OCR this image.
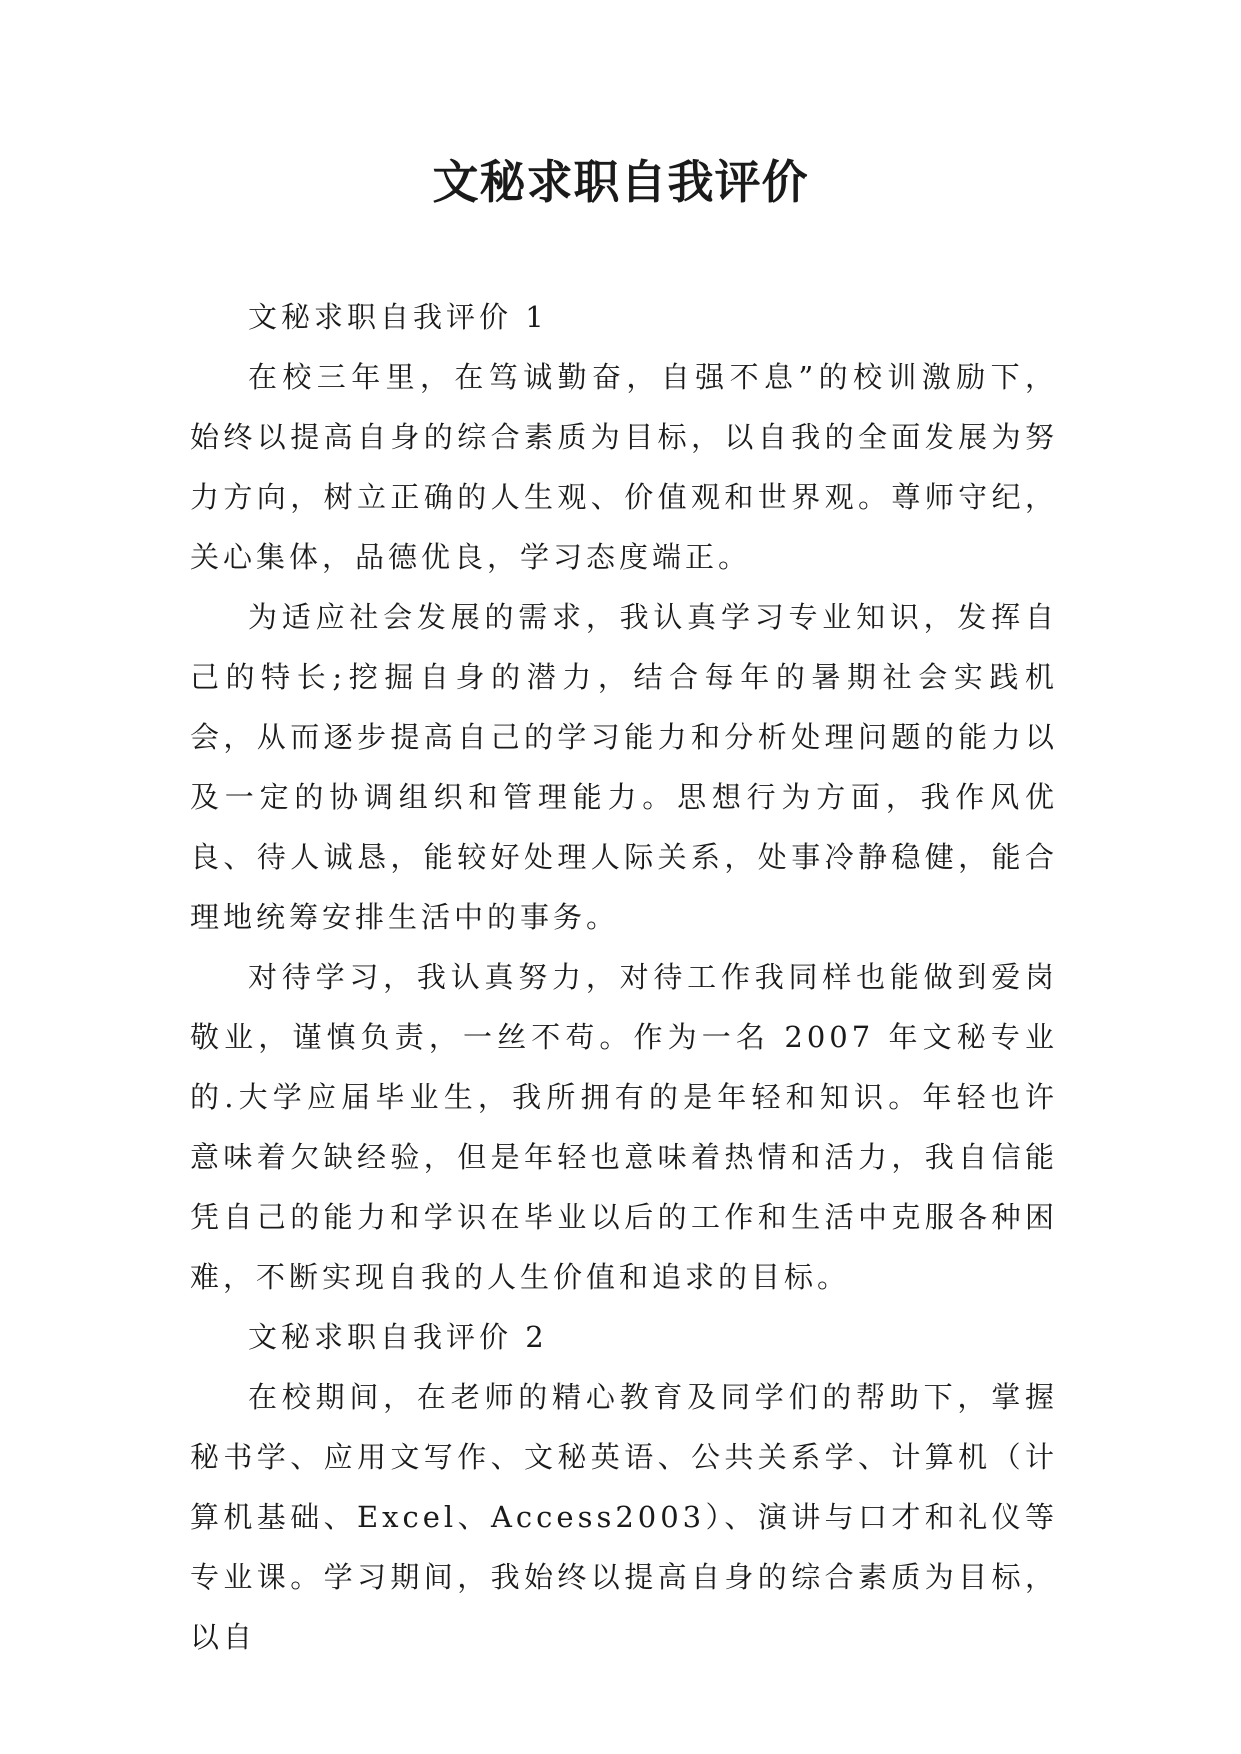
文秘求职自我评价

文秘求职自我评价 1

在校三年里，在笃诚勤奋，自强不息”的校训激励下，始终以提高自身的综合素质为目标，以自我的全面发展为努力方向，树立正确的人生观、价值观和世界观。尊师守纪，关心集体，品德优良，学习态度端正。

为适应社会发展的需求，我认真学习专业知识，发挥自己的特长;挖掘自身的潜力，结合每年的暑期社会实践机会，从而逐步提高自己的学习能力和分析处理问题的能力以及一定的协调组织和管理能力。思想行为方面，我作风优良、待人诚恳，能较好处理人际关系，处事冷静稳健，能合理地统筹安排生活中的事务。

对待学习，我认真努力，对待工作我同样也能做到爱岗敬业，谨慎负责，一丝不苟。作为一名 2007 年文秘专业的.大学应届毕业生，我所拥有的是年轻和知识。年轻也许意味着欠缺经验，但是年轻也意味着热情和活力，我自信能凭自己的能力和学识在毕业以后的工作和生活中克服各种困难，不断实现自我的人生价值和追求的目标。

文秘求职自我评价 2

在校期间，在老师的精心教育及同学们的帮助下，掌握秘书学、应用文写作、文秘英语、公共关系学、计算机（计算机基础、Excel、Access2003）、演讲与口才和礼仪等专业课。学习期间，我始终以提高自身的综合素质为目标，以自
